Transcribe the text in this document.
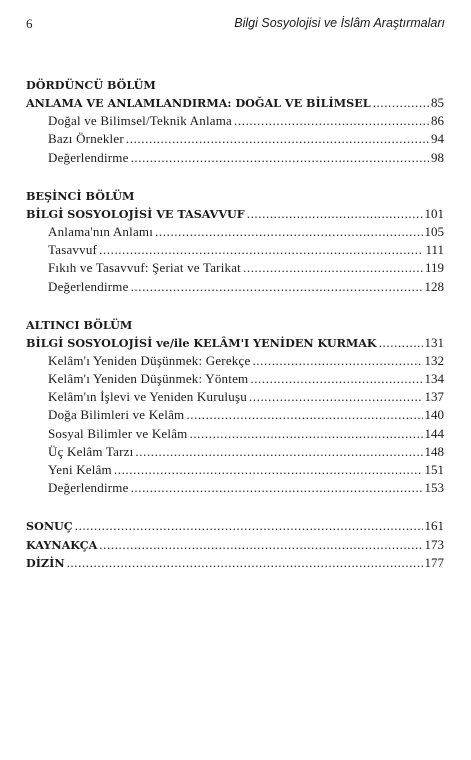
6	Bilgi Sosyolojisi ve İslâm Araştırmaları
DÖRDÜNCÜ BÖLÜM
ANLAMA VE ANLAMLANDIRMA: DOĞAL VE BİLİMSEL .....	85
Doğal ve Bilimsel/Teknik Anlama .....	86
Bazı Örnekler .....	94
Değerlendirme .....	98
BEŞİNCİ BÖLÜM
BİLGİ SOSYOLOJİSİ VE TASAVVUF .....	101
Anlama'nın Anlamı .....	105
Tasavvuf .....	111
Fıkıh ve Tasavvuf: Şeriat ve Tarikat .....	119
Değerlendirme .....	128
ALTINCI BÖLÜM
BİLGİ SOSYOLOJİSİ ve/ile KELÂM'I YENİDEN KURMAK .....	131
Kelâm'ı Yeniden Düşünmek: Gerekçe .....	132
Kelâm'ı Yeniden Düşünmek: Yöntem .....	134
Kelâm'ın İşlevi ve Yeniden Kuruluşu .....	137
Doğa Bilimleri ve Kelâm .....	140
Sosyal Bilimler ve Kelâm .....	144
Üç Kelâm Tarzı .....	148
Yeni Kelâm .....	151
Değerlendirme .....	153
SONUÇ .....	161
KAYNAKÇA .....	173
DİZİN .....	177
